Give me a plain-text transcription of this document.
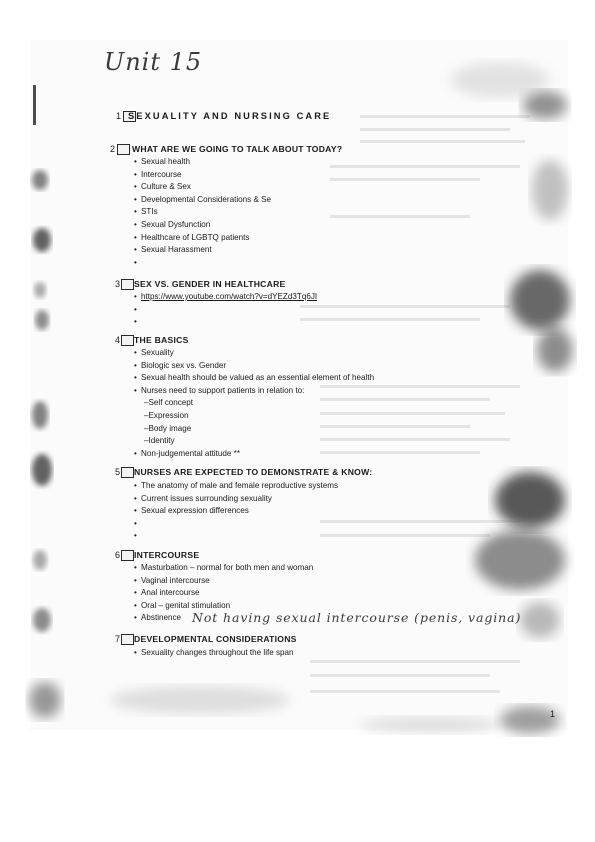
Unit 15
1 SEXUALITY AND NURSING CARE
2 WHAT ARE WE GOING TO TALK ABOUT TODAY?
• Sexual health
• Intercourse
• Culture & Sex
• Developmental Considerations & Se
• STIs
• Sexual Dysfunction
• Healthcare of LGBTQ patients
• Sexual Harassment
•
3 SEX VS. GENDER IN HEALTHCARE
• https://www.youtube.com/watch?v=dYEZd3Tq6JI
•
•
4 THE BASICS
• Sexuality
• Biologic sex vs. Gender
• Sexual health should be valued as an essential element of health
• Nurses need to support patients in relation to:
–Self concept
–Expression
–Body image
–Identity
• Non-judgemental attitude **
5 NURSES ARE EXPECTED TO DEMONSTRATE & KNOW:
• The anatomy of male and female reproductive systems
• Current issues surrounding sexuality
• Sexual expression differences
•
•
6 INTERCOURSE
• Masturbation – normal for both men and woman
• Vaginal intercourse
• Anal intercourse
• Oral – genital stimulation
• Abstinence Not having sexual intercourse (penis, vagina)
7 DEVELOPMENTAL CONSIDERATIONS
• Sexuality changes throughout the life span
1
